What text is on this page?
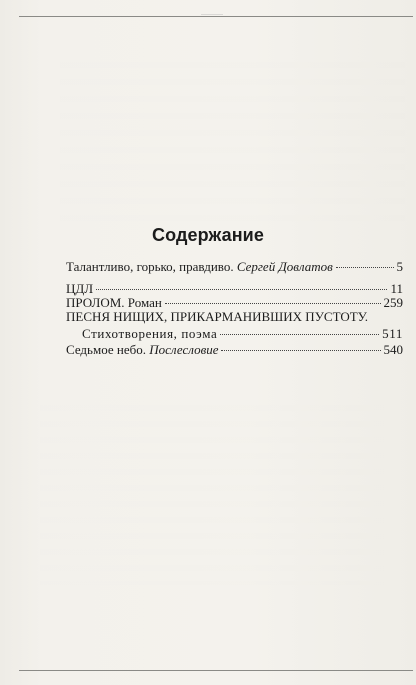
Содержание
Талантливо, горько, правдиво. Сергей Довлатов	5
ЦДЛ	11
ПРОЛОМ. Роман	259
ПЕСНЯ НИЩИХ, ПРИКАРМАНИВШИХ ПУСТОТУ.
Стихотворения, поэма	511
Седьмое небо. Послесловие	540
